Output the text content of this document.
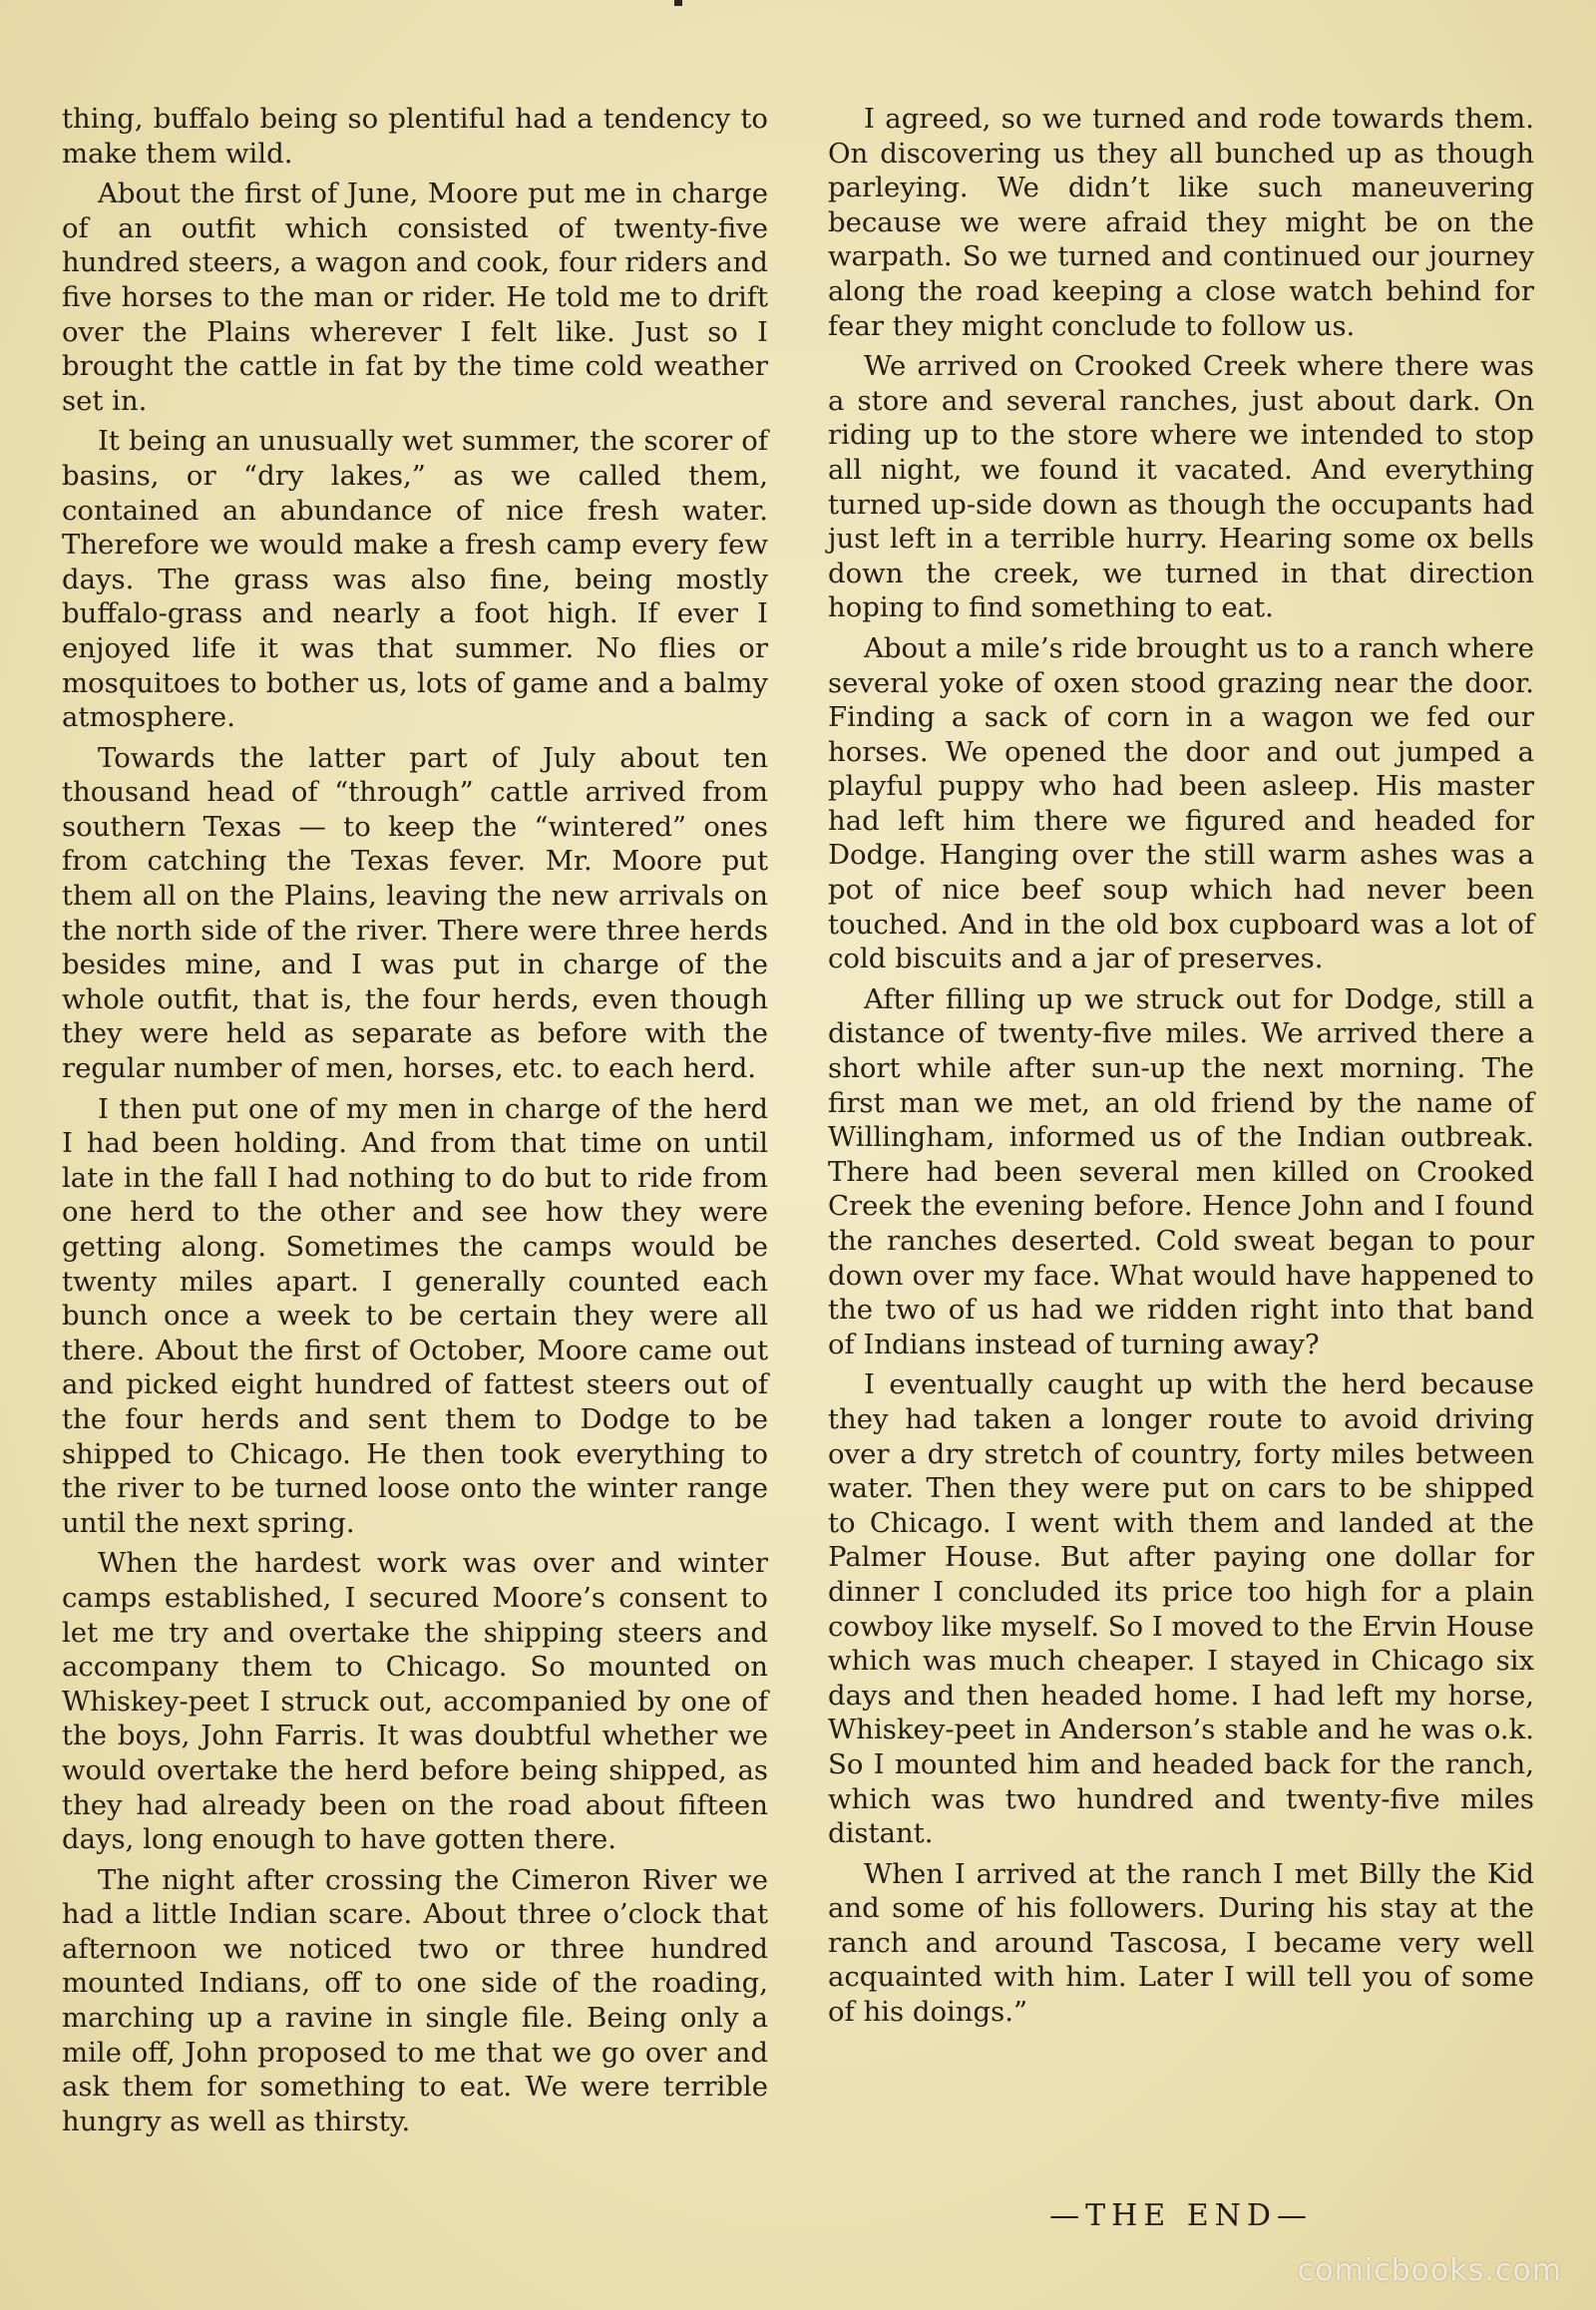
thing, buffalo being so plentiful had a tendency to make them wild.

About the first of June, Moore put me in charge of an outfit which consisted of twenty-five hundred steers, a wagon and cook, four riders and five horses to the man or rider. He told me to drift over the Plains wherever I felt like. Just so I brought the cattle in fat by the time cold weather set in.

It being an unusually wet summer, the scorer of basins, or “dry lakes,” as we called them, contained an abundance of nice fresh water. Therefore we would make a fresh camp every few days. The grass was also fine, being mostly buffalo-grass and nearly a foot high. If ever I enjoyed life it was that summer. No flies or mosquitoes to bother us, lots of game and a balmy atmosphere.

Towards the latter part of July about ten thousand head of “through” cattle arrived from southern Texas — to keep the “wintered” ones from catching the Texas fever. Mr. Moore put them all on the Plains, leaving the new arrivals on the north side of the river. There were three herds besides mine, and I was put in charge of the whole outfit, that is, the four herds, even though they were held as separate as before with the regular number of men, horses, etc. to each herd.

I then put one of my men in charge of the herd I had been holding. And from that time on until late in the fall I had nothing to do but to ride from one herd to the other and see how they were getting along. Sometimes the camps would be twenty miles apart. I generally counted each bunch once a week to be certain they were all there. About the first of October, Moore came out and picked eight hundred of fattest steers out of the four herds and sent them to Dodge to be shipped to Chicago. He then took everything to the river to be turned loose onto the winter range until the next spring.

When the hardest work was over and winter camps established, I secured Moore’s consent to let me try and overtake the shipping steers and accompany them to Chicago. So mounted on Whiskey-peet I struck out, accompanied by one of the boys, John Farris. It was doubtful whether we would overtake the herd before being shipped, as they had already been on the road about fifteen days, long enough to have gotten there.

The night after crossing the Cimeron River we had a little Indian scare. About three o’clock that afternoon we noticed two or three hundred mounted Indians, off to one side of the roading, marching up a ravine in single file. Being only a mile off, John proposed to me that we go over and ask them for something to eat. We were terrible hungry as well as thirsty.

I agreed, so we turned and rode towards them. On discovering us they all bunched up as though parleying. We didn’t like such maneuvering because we were afraid they might be on the warpath. So we turned and continued our journey along the road keeping a close watch behind for fear they might conclude to follow us.

We arrived on Crooked Creek where there was a store and several ranches, just about dark. On riding up to the store where we intended to stop all night, we found it vacated. And everything turned up-side down as though the occupants had just left in a terrible hurry. Hearing some ox bells down the creek, we turned in that direction hoping to find something to eat.

About a mile’s ride brought us to a ranch where several yoke of oxen stood grazing near the door. Finding a sack of corn in a wagon we fed our horses. We opened the door and out jumped a playful puppy who had been asleep. His master had left him there we figured and headed for Dodge. Hanging over the still warm ashes was a pot of nice beef soup which had never been touched. And in the old box cupboard was a lot of cold biscuits and a jar of preserves.

After filling up we struck out for Dodge, still a distance of twenty-five miles. We arrived there a short while after sun-up the next morning. The first man we met, an old friend by the name of Willingham, informed us of the Indian outbreak. There had been several men killed on Crooked Creek the evening before. Hence John and I found the ranches deserted. Cold sweat began to pour down over my face. What would have happened to the two of us had we ridden right into that band of Indians instead of turning away?

I eventually caught up with the herd because they had taken a longer route to avoid driving over a dry stretch of country, forty miles between water. Then they were put on cars to be shipped to Chicago. I went with them and landed at the Palmer House. But after paying one dollar for dinner I concluded its price too high for a plain cowboy like myself. So I moved to the Ervin House which was much cheaper. I stayed in Chicago six days and then headed home. I had left my horse, Whiskey-peet in Anderson’s stable and he was o.k. So I mounted him and headed back for the ranch, which was two hundred and twenty-five miles distant.

When I arrived at the ranch I met Billy the Kid and some of his followers. During his stay at the ranch and around Tascosa, I became very well acquainted with him. Later I will tell you of some of his doings.”

—THE END—
comicbooks.com
